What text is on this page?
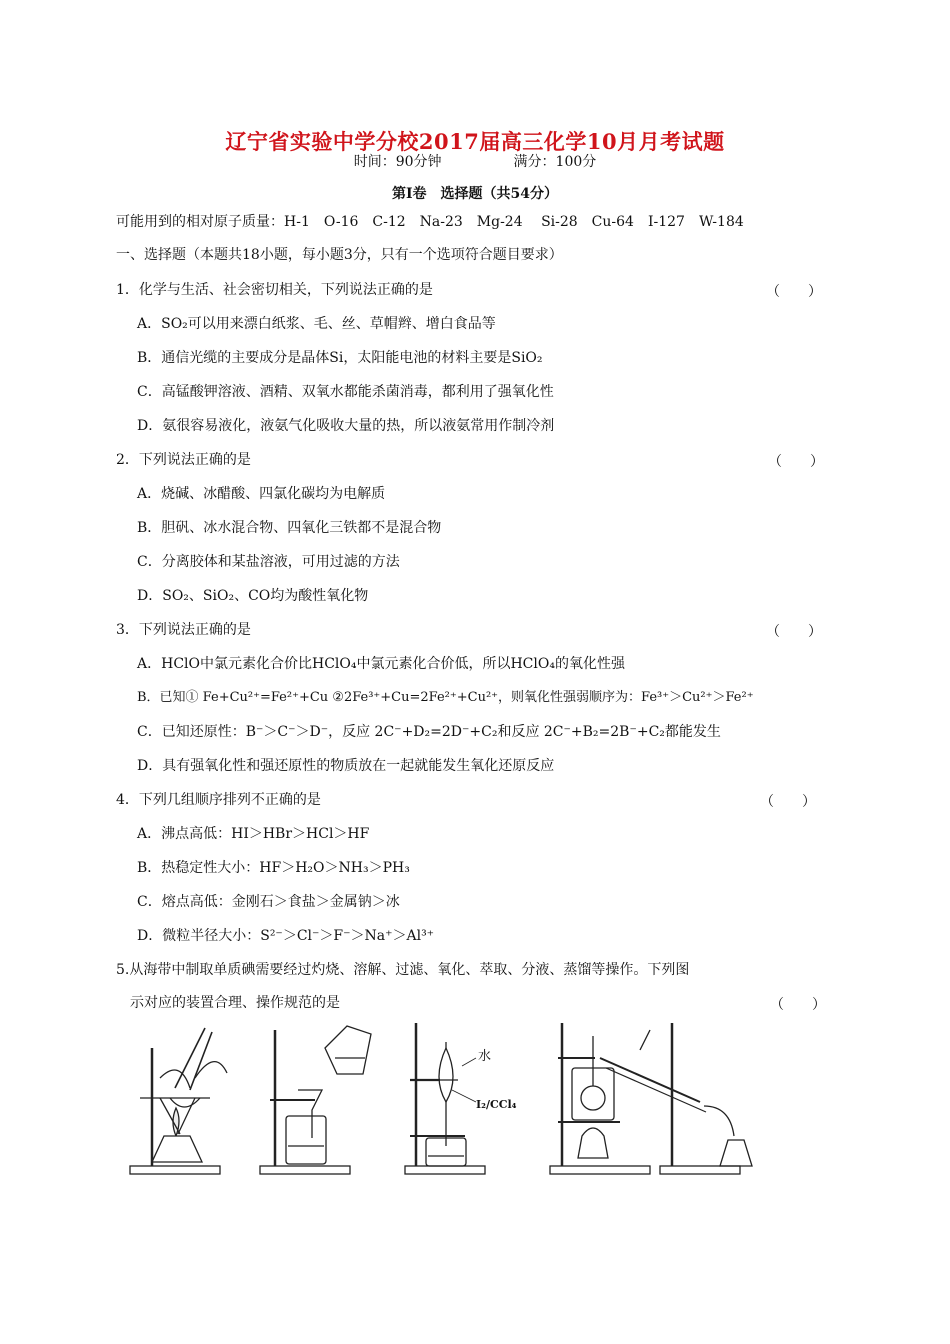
辽宁省实验中学分校2017届高三化学10月月考试题
时间：90分钟	满分：100分
第Ⅰ卷　选择题（共54分）
可能用到的相对原子质量：H-1　O-16　C-12　Na-23　Mg-24　 Si-28　Cu-64　I-127　W-184
一、选择题（本题共18小题，每小题3分，只有一个选项符合题目要求）
1．化学与生活、社会密切相关，下列说法正确的是	（　　）
A．SO₂可以用来漂白纸浆、毛、丝、草帽辫、增白食品等
B．通信光缆的主要成分是晶体Si，太阳能电池的材料主要是SiO₂
C．高锰酸钾溶液、酒精、双氧水都能杀菌消毒，都利用了强氧化性
D．氨很容易液化，液氨气化吸收大量的热，所以液氨常用作制冷剂
2．下列说法正确的是	（　　）
A．烧碱、冰醋酸、四氯化碳均为电解质
B．胆矾、冰水混合物、四氧化三铁都不是混合物
C．分离胶体和某盐溶液，可用过滤的方法
D．SO₂、SiO₂、CO均为酸性氧化物
3．下列说法正确的是	（　　）
A．HClO中氯元素化合价比HClO₄中氯元素化合价低，所以HClO₄的氧化性强
B．已知① Fe+Cu²⁺=Fe²⁺+Cu ②2Fe³⁺+Cu=2Fe²⁺+Cu²⁺，则氧化性强弱顺序为：Fe³⁺＞Cu²⁺＞Fe²⁺
C．已知还原性：B⁻＞C⁻＞D⁻，反应 2C⁻+D₂=2D⁻+C₂和反应 2C⁻+B₂=2B⁻+C₂都能发生
D．具有强氧化性和强还原性的物质放在一起就能发生氧化还原反应
4．下列几组顺序排列不正确的是	（　　）
A．沸点高低：HI＞HBr＞HCl＞HF
B．热稳定性大小：HF＞H₂O＞NH₃＞PH₃
C．熔点高低：金刚石＞食盐＞金属钠＞冰
D．微粒半径大小：S²⁻＞Cl⁻＞F⁻＞Na⁺＞Al³⁺
5.从海带中制取单质碘需要经过灼烧、溶解、过滤、氧化、萃取、分液、蒸馏等操作。下列图
示对应的装置合理、操作规范的是	（　　）
水
I₂/CCl₄
